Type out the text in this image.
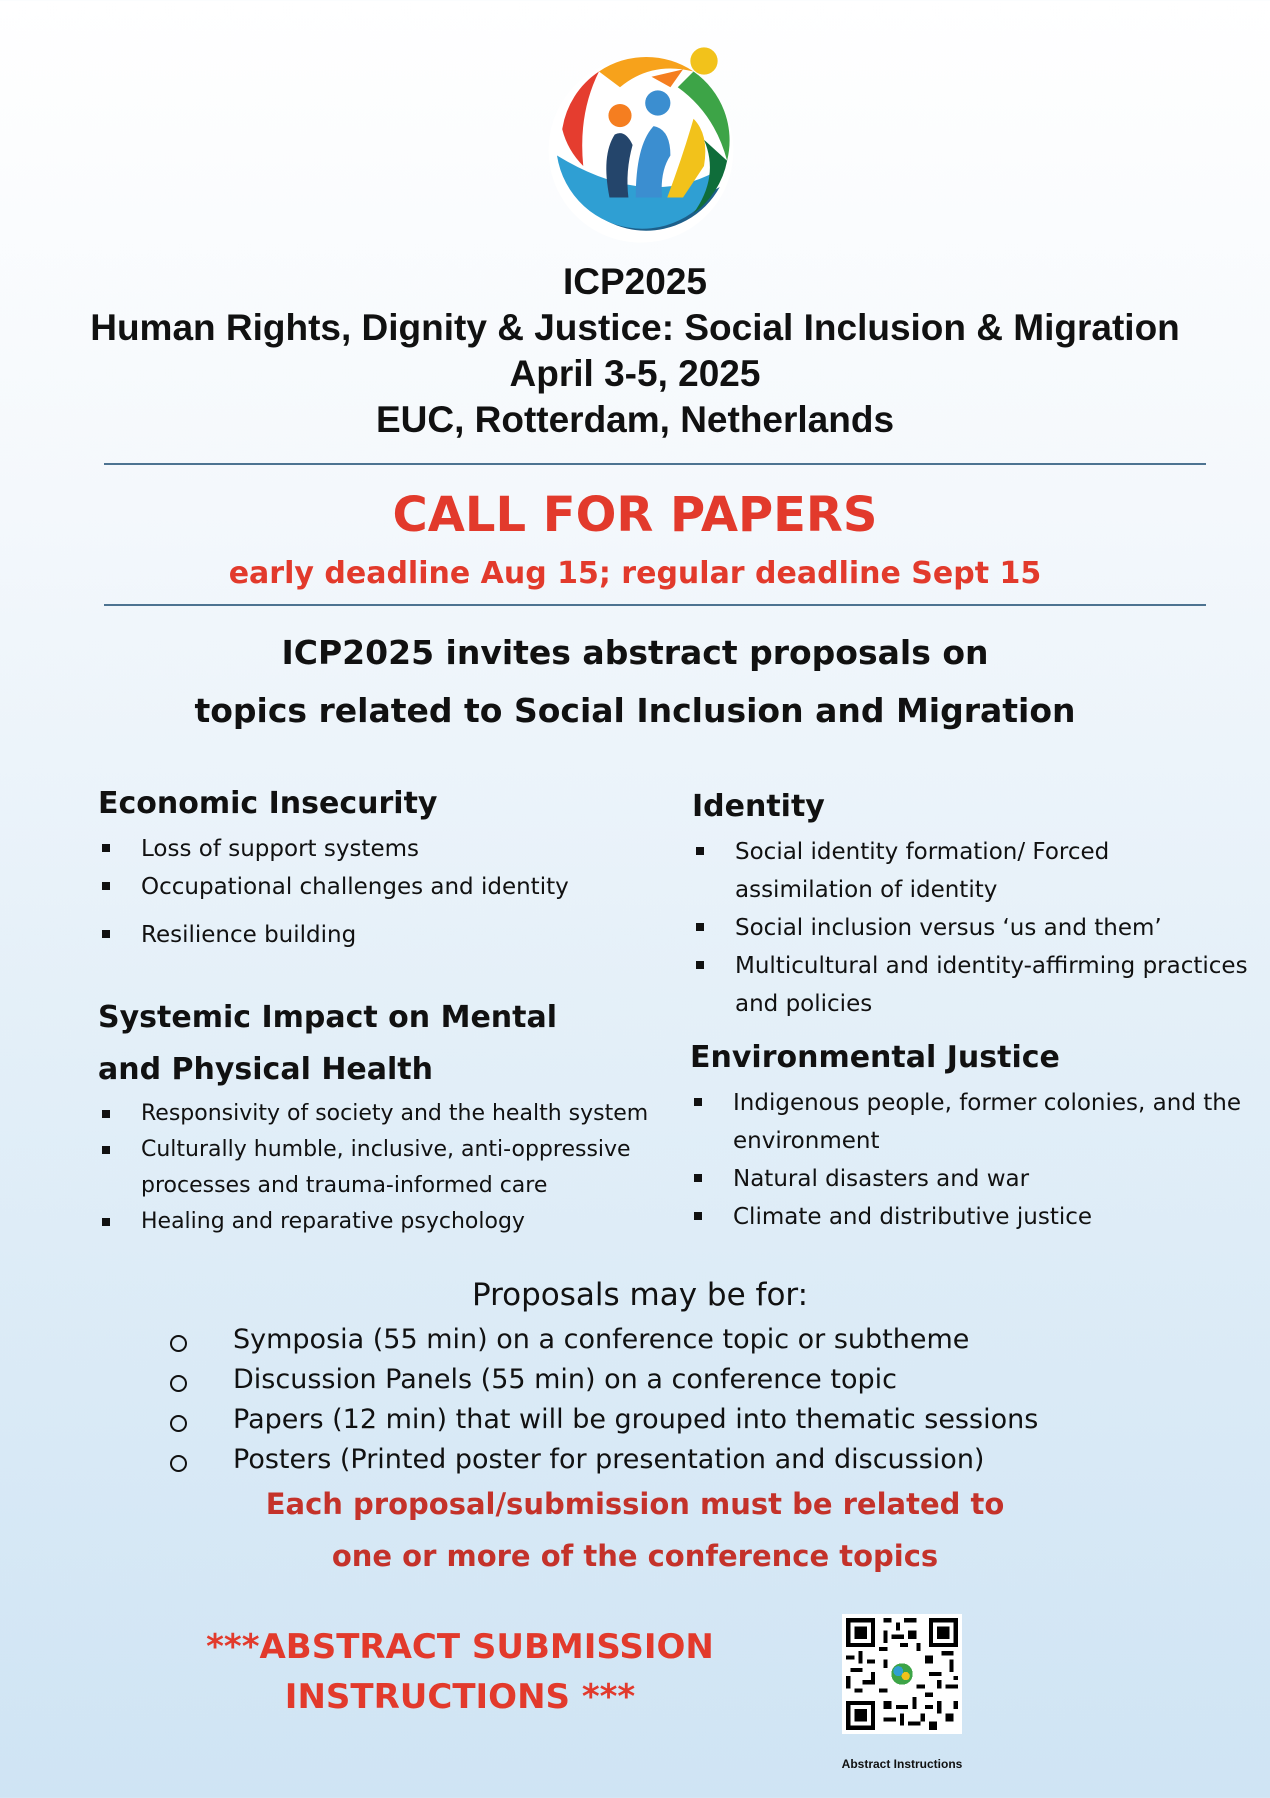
ICP2025
Human Rights, Dignity & Justice: Social Inclusion & Migration
April 3-5, 2025
EUC, Rotterdam, Netherlands
CALL FOR PAPERS
early deadline Aug 15; regular deadline Sept 15
ICP2025 invites abstract proposals on
topics related to Social Inclusion and Migration
Economic Insecurity
Loss of support systems
Occupational challenges and identity
Resilience building
Systemic Impact on Mental
and Physical Health
Responsivity of society and the health system
Culturally humble, inclusive, anti-oppressive processes and trauma-informed care
Healing and reparative psychology
Identity
Social identity formation/ Forced assimilation of identity
Social inclusion versus ‘us and them’
Multicultural and identity-affirming practices and policies
Environmental Justice
Indigenous people, former colonies, and the environment
Natural disasters and war
Climate and distributive justice
Proposals may be for:
Symposia (55 min) on a conference topic or subtheme
Discussion Panels (55 min) on a conference topic
Papers (12 min) that will be grouped into thematic sessions
Posters (Printed poster for presentation and discussion)
Each proposal/submission must be related to
one or more of the conference topics
***ABSTRACT SUBMISSION
INSTRUCTIONS ***
Abstract Instructions
